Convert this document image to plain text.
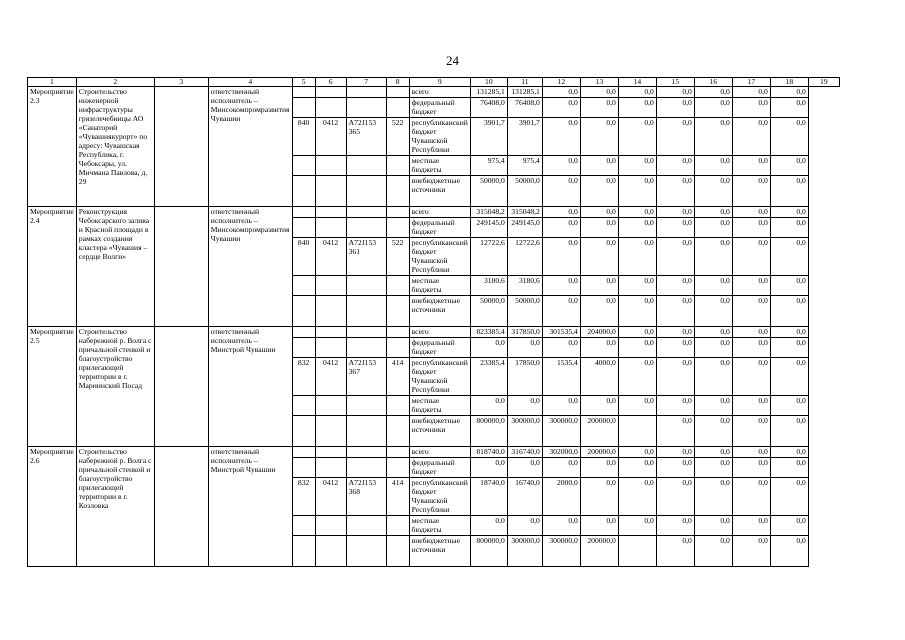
24
1	2	3	4	5	6	7	8	9	10	11	12	13	14	15	16	17	18	19
Мероприятие 2.3	Строительство инженерной инфраструктуры грязелечебницы АО «Санаторий «Чувашиякурорт» по адресу: Чувашская Республика, г. Чебоксары, ул. Мичмана Павлова, д. 29		ответственный исполнитель – Минсокомпромразвития Чувашии					всего	131285,1	131285,1	0,0	0,0	0,0	0,0	0,0	0,0	0,0	
								федеральный бюджет	76408,0	76408,0	0,0	0,0	0,0	0,0	0,0	0,0	0,0	
				840	0412	А72J153 365	522	республиканский бюджет Чувашской Республики	3901,7	3901,7	0,0	0,0	0,0	0,0	0,0	0,0	0,0	
								местные бюджеты	975,4	975,4	0,0	0,0	0,0	0,0	0,0	0,0	0,0	
								внебюджетные источники	50000,0	50000,0	0,0	0,0	0,0	0,0	0,0	0,0	0,0	
Мероприятие 2.4	Реконструкция Чебоксарского залива и Красной площади в рамках создания кластера «Чувашия – сердце Волги»		ответственный исполнитель – Минсокомпромразвития Чувашии					всего	315048,2	315048,2	0,0	0,0	0,0	0,0	0,0	0,0	0,0	
								федеральный бюджет	249145,0	249145,0	0,0	0,0	0,0	0,0	0,0	0,0	0,0	
				840	0412	А72J153 361	522	республиканский бюджет Чувашской Республики	12722,6	12722,6	0,0	0,0	0,0	0,0	0,0	0,0	0,0	
								местные бюджеты	3180,6	3180,6	0,0	0,0	0,0	0,0	0,0	0,0	0,0	
								внебюджетные источники	50000,0	50000,0	0,0	0,0	0,0	0,0	0,0	0,0	0,0	
Мероприятие 2.5	Строительство набережной р. Волга с причальной стенкой и благоустройство прилегающей территории в г. Мариинский Посад		ответственный исполнитель – Минстрой Чувашии					всего	823385,4	317850,0	301535,4	204000,0	0,0	0,0	0,0	0,0	0,0	
								федеральный бюджет	0,0	0,0	0,0	0,0	0,0	0,0	0,0	0,0	0,0	
				832	0412	А72J153 367	414	республиканский бюджет Чувашской Республики	23385,4	17850,0	1535,4	4000,0	0,0	0,0	0,0	0,0	0,0	
								местные бюджеты	0,0	0,0	0,0	0,0	0,0	0,0	0,0	0,0	0,0	
								внебюджетные источники	800000,0	300000,0	300000,0	200000,0		0,0	0,0	0,0	0,0	
Мероприятие 2.6	Строительство набережной р. Волга с причальной стенкой и благоустройство прилегающей территории в г. Козловка		ответственный исполнитель – Минстрой Чувашии					всего	818740,0	316740,0	302000,0	200000,0	0,0	0,0	0,0	0,0	0,0	
								федеральный бюджет	0,0	0,0	0,0	0,0	0,0	0,0	0,0	0,0	0,0	
				832	0412	А72J153 368	414	республиканский бюджет Чувашской Республики	18740,0	16740,0	2000,0	0,0	0,0	0,0	0,0	0,0	0,0	
								местные бюджеты	0,0	0,0	0,0	0,0	0,0	0,0	0,0	0,0	0,0	
								внебюджетные источники	800000,0	300000,0	300000,0	200000,0		0,0	0,0	0,0	0,0	
